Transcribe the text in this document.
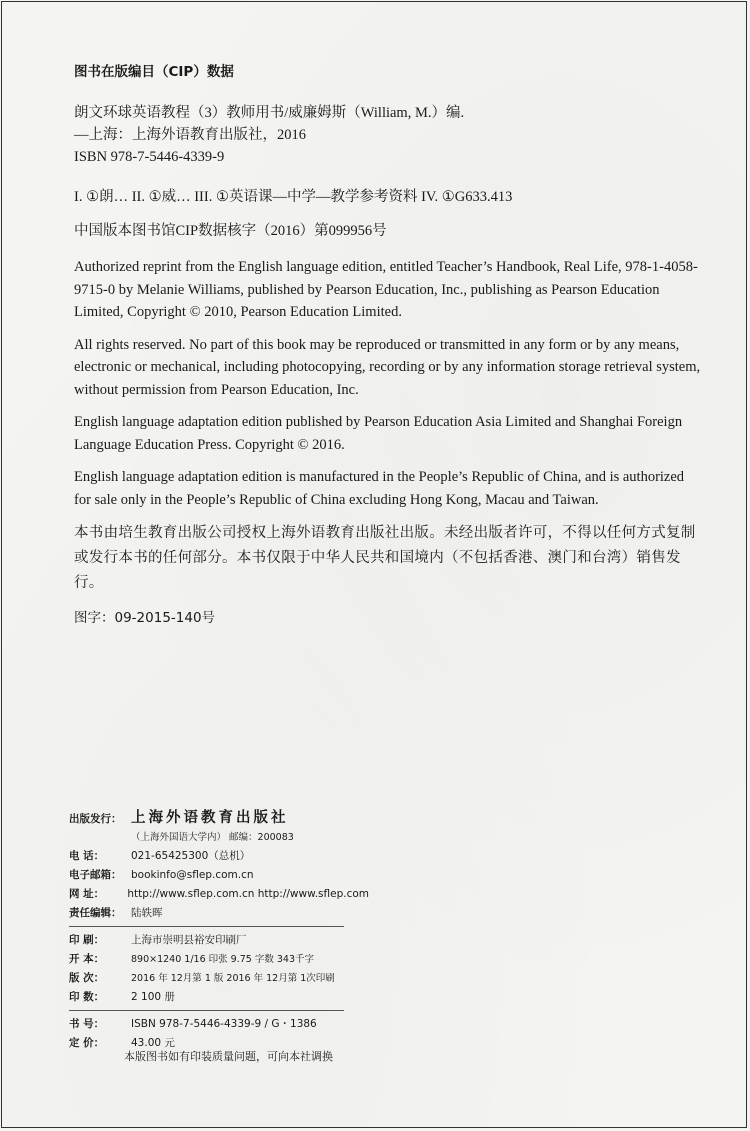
图书在版编目（CIP）数据
朗文环球英语教程（3）教师用书/威廉姆斯（William, M.）编.
—上海：上海外语教育出版社，2016
ISBN 978-7-5446-4339-9
I. ①朗… II. ①威… III. ①英语课—中学—教学参考资料 IV. ①G633.413
中国版本图书馆CIP数据核字（2016）第099956号

Authorized reprint from the English language edition, entitled Teacher’s Handbook, Real Life, 978-1-4058-9715-0 by Melanie Williams, published by Pearson Education, Inc., publishing as Pearson Education Limited, Copyright © 2010, Pearson Education Limited.

All rights reserved. No part of this book may be reproduced or transmitted in any form or by any means, electronic or mechanical, including photocopying, recording or by any information storage retrieval system, without permission from Pearson Education, Inc.

English language adaptation edition published by Pearson Education Asia Limited and Shanghai Foreign Language Education Press. Copyright © 2016.

English language adaptation edition is manufactured in the People’s Republic of China, and is authorized for sale only in the People’s Republic of China excluding Hong Kong, Macau and Taiwan.

本书由培生教育出版公司授权上海外语教育出版社出版。未经出版者许可，不得以任何方式复制或发行本书的任何部分。本书仅限于中华人民共和国境内（不包括香港、澳门和台湾）销售发行。

图字：09-2015-140号
出版发行： 上海外语教育出版社
（上海外国语大学内） 邮编：200083
电 话：	021-65425300（总机）
电子邮箱： bookinfo@sflep.com.cn
网 址：	http://www.sflep.com.cn http://www.sflep.com
责任编辑： 陆轶晖
印 刷：	上海市崇明县裕安印刷厂
开 本：	890×1240 1/16 印张 9.75 字数 343千字
版 次：	2016 年 12月第 1 版 2016 年 12月第 1次印刷
印 数：	2 100 册
书 号：	ISBN 978-7-5446-4339-9 / G・1386
定 价：	43.00 元
本版图书如有印装质量问题，可向本社调换
